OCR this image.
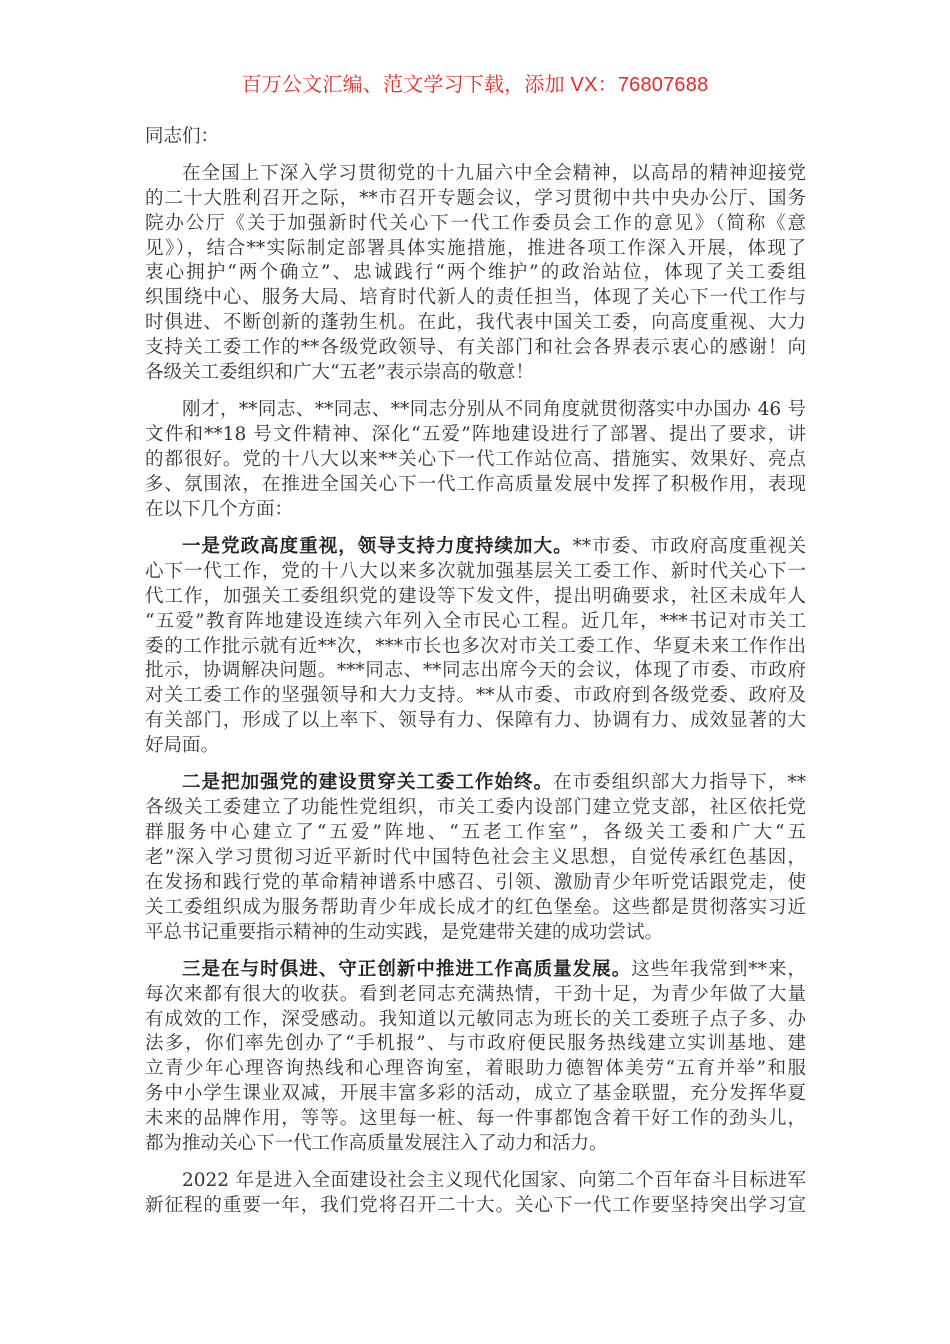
百万公文汇编、范文学习下载，添加 VX：76807688
同志们：
在全国上下深入学习贯彻党的十九届六中全会精神，以高昂的精神迎接党
的二十大胜利召开之际，**市召开专题会议，学习贯彻中共中央办公厅、国务
院办公厅《关于加强新时代关心下一代工作委员会工作的意见》（简称《意
见》），结合**实际制定部署具体实施措施，推进各项工作深入开展，体现了
衷心拥护“两个确立”、忠诚践行“两个维护”的政治站位，体现了关工委组
织围绕中心、服务大局、培育时代新人的责任担当，体现了关心下一代工作与
时俱进、不断创新的蓬勃生机。在此，我代表中国关工委，向高度重视、大力
支持关工委工作的**各级党政领导、有关部门和社会各界表示衷心的感谢！向
各级关工委组织和广大“五老”表示崇高的敬意！
刚才，**同志、**同志、**同志分别从不同角度就贯彻落实中办国办 46 号
文件和**18 号文件精神、深化“五爱”阵地建设进行了部署、提出了要求，讲
的都很好。党的十八大以来**关心下一代工作站位高、措施实、效果好、亮点
多、氛围浓，在推进全国关心下一代工作高质量发展中发挥了积极作用，表现
在以下几个方面：
一是党政高度重视，领导支持力度持续加大。**市委、市政府高度重视关
心下一代工作，党的十八大以来多次就加强基层关工委工作、新时代关心下一
代工作，加强关工委组织党的建设等下发文件，提出明确要求，社区未成年人
“五爱”教育阵地建设连续六年列入全市民心工程。近几年，***书记对市关工
委的工作批示就有近**次，***市长也多次对市关工委工作、华夏未来工作作出
批示，协调解决问题。***同志、**同志出席今天的会议，体现了市委、市政府
对关工委工作的坚强领导和大力支持。**从市委、市政府到各级党委、政府及
有关部门，形成了以上率下、领导有力、保障有力、协调有力、成效显著的大
好局面。
二是把加强党的建设贯穿关工委工作始终。在市委组织部大力指导下，**
各级关工委建立了功能性党组织，市关工委内设部门建立党支部，社区依托党
群服务中心建立了“五爱”阵地、“五老工作室”，各级关工委和广大“五
老”深入学习贯彻习近平新时代中国特色社会主义思想，自觉传承红色基因，
在发扬和践行党的革命精神谱系中感召、引领、激励青少年听党话跟党走，使
关工委组织成为服务帮助青少年成长成才的红色堡垒。这些都是贯彻落实习近
平总书记重要指示精神的生动实践，是党建带关建的成功尝试。
三是在与时俱进、守正创新中推进工作高质量发展。这些年我常到**来，
每次来都有很大的收获。看到老同志充满热情，干劲十足，为青少年做了大量
有成效的工作，深受感动。我知道以元敏同志为班长的关工委班子点子多、办
法多，你们率先创办了“手机报”、与市政府便民服务热线建立实训基地、建
立青少年心理咨询热线和心理咨询室，着眼助力德智体美劳“五育并举”和服
务中小学生课业双减，开展丰富多彩的活动，成立了基金联盟，充分发挥华夏
未来的品牌作用，等等。这里每一桩、每一件事都饱含着干好工作的劲头儿，
都为推动关心下一代工作高质量发展注入了动力和活力。
2022 年是进入全面建设社会主义现代化国家、向第二个百年奋斗目标进军
新征程的重要一年，我们党将召开二十大。关心下一代工作要坚持突出学习宣
